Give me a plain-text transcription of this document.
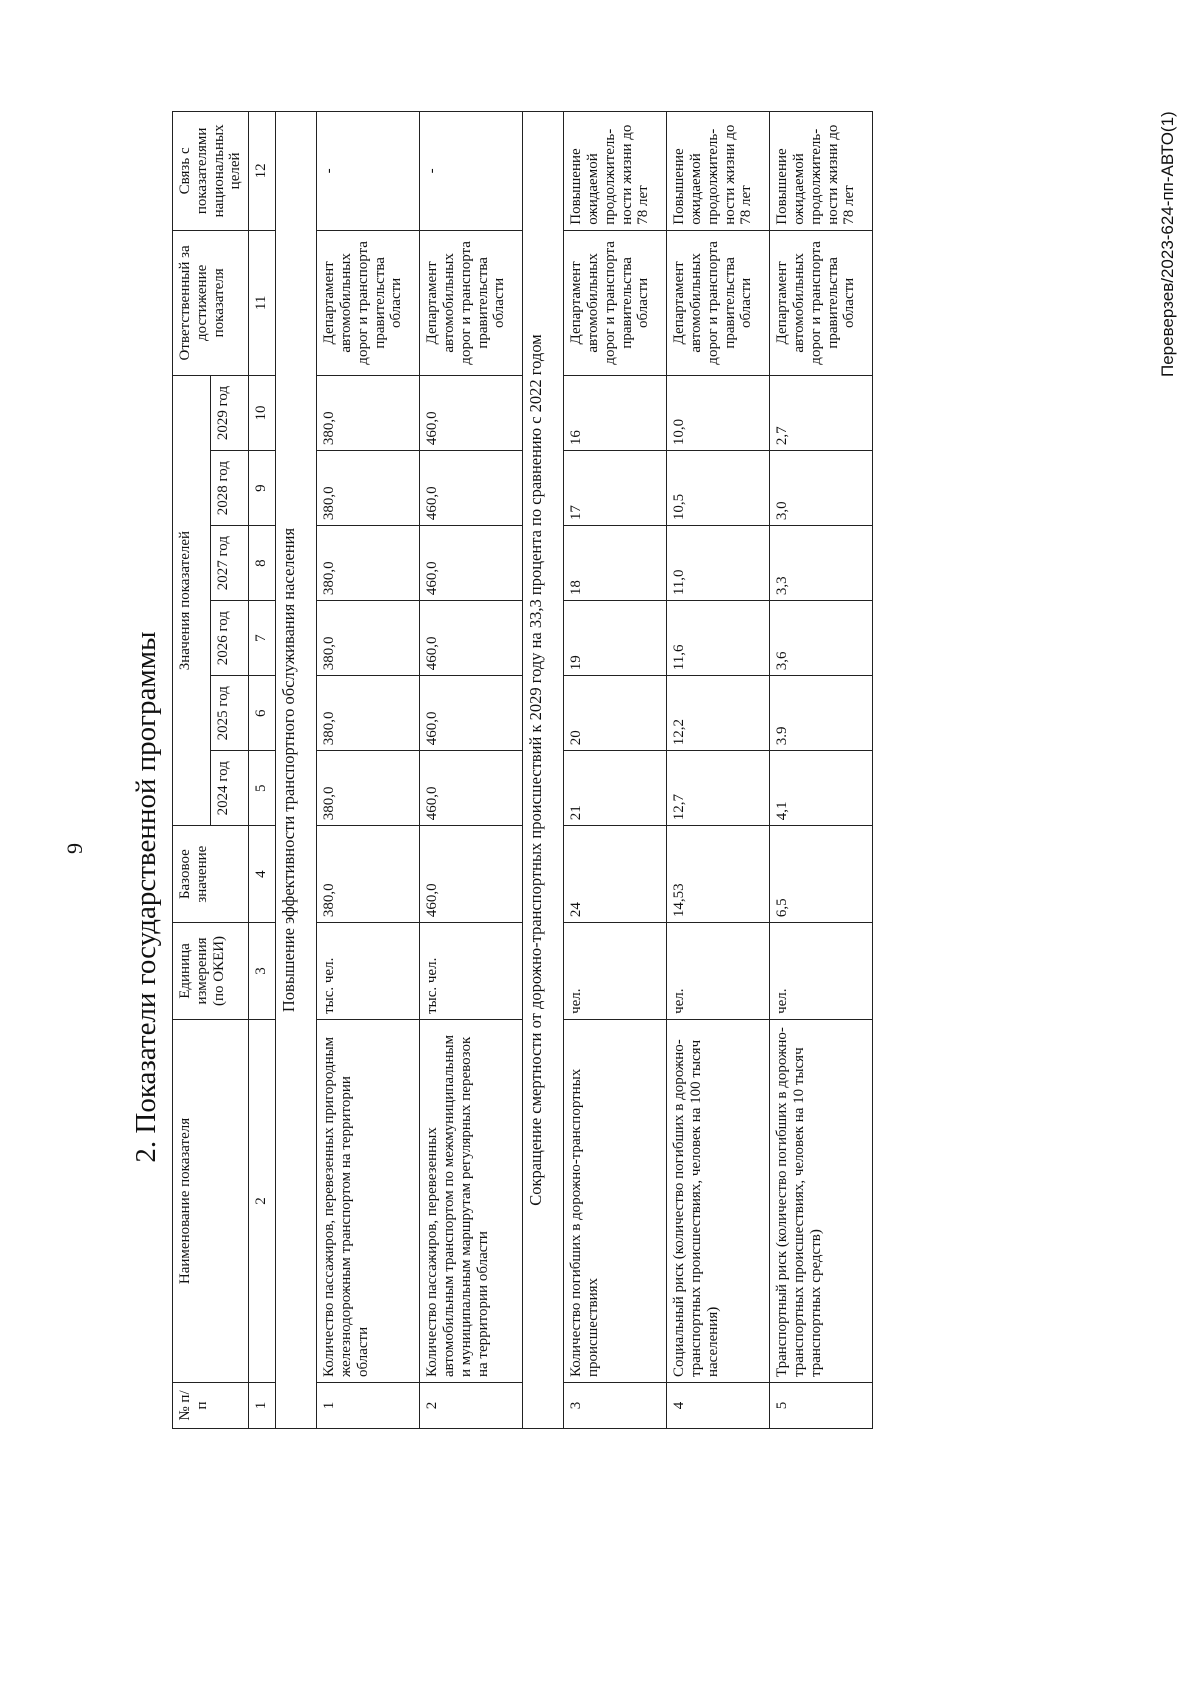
9 2. Показатели государственной программы
№ п/п	Наименование показателя	Единица измерения (по ОКЕИ)	Базовое значение	Значения показателей						Ответственный за достижение показателя	Связь с показателями национальных целей
				2024 год	2025 год	2026 год	2027 год	2028 год	2029 год		
1	2	3	4	5	6	7	8	9	10	11	12
Повышение эффективности транспортного обслуживания населения											
1	Количество пассажиров, перевезенных пригородным железнодорожным транспортом на территории области	тыс. чел.	380,0	380,0	380,0	380,0	380,0	380,0	380,0	Департамент автомобильных дорог и транспорта правительства области	-
2	Количество пассажиров, перевезенных автомобильным транспортом по межмуниципальным и муниципальным маршрутам регулярных перевозок на территории области	тыс. чел.	460,0	460,0	460,0	460,0	460,0	460,0	460,0	Департамент автомобильных дорог и транспорта правительства области	-
Сокращение смертности от дорожно-транспортных происшествий к 2029 году на 33,3 процента по сравнению с 2022 годом											
3	Количество погибших в дорожно-транспортных происшествиях	чел.	24	21	20	19	18	17	16	Департамент автомобильных дорог и транспорта правительства области	Повышение ожидаемой продолжитель-ности жизни до 78 лет
4	Социальный риск (количество погибших в дорожно-транспортных происшествиях, человек на 100 тысяч населения)	чел.	14,53	12,7	12,2	11,6	11,0	10,5	10,0	Департамент автомобильных дорог и транспорта правительства области	Повышение ожидаемой продолжитель-ности жизни до 78 лет
5	Транспортный риск (количество погибших в дорожно-транспортных происшествиях, человек на 10 тысяч транспортных средств)	чел.	6,5	4,1	3.9	3,6	3,3	3,0	2,7	Департамент автомобильных дорог и транспорта правительства области	Повышение ожидаемой продолжитель-ности жизни до 78 лет	Переверзев/2023-624-пп-АВТО(1)
